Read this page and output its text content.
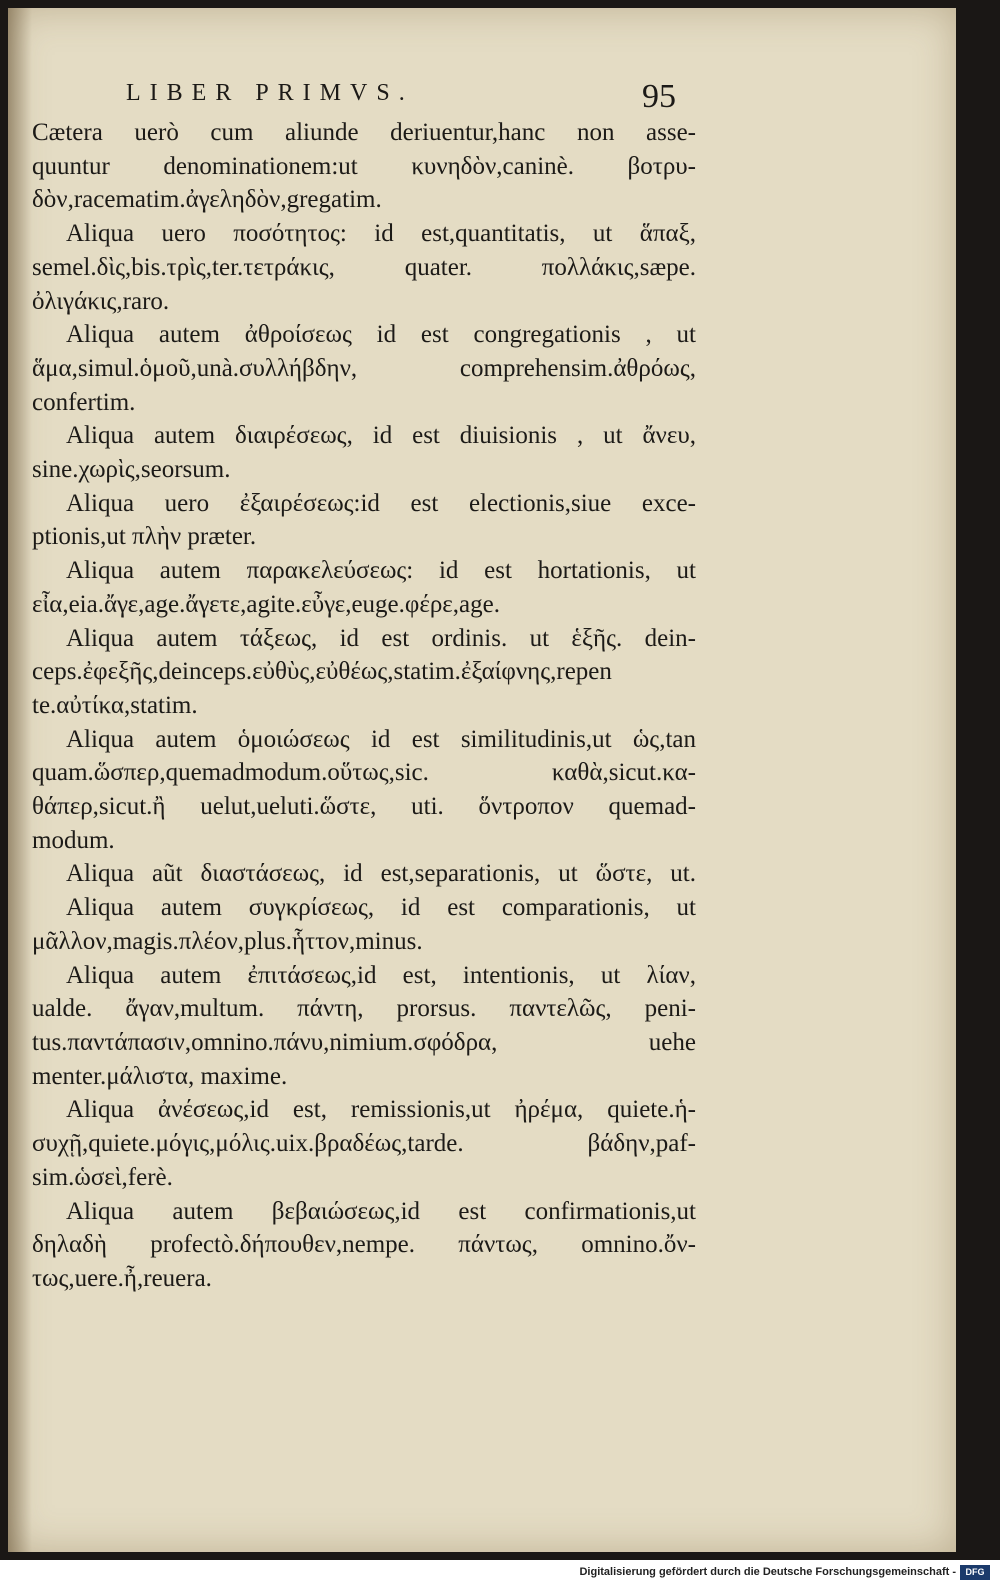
LIBER PRIMVS.	95
Cætera uerò cum aliunde deriuentur,hanc non asse-
quuntur denominationem:ut κυνηδὸν,caninè. βοτρυ-
δὸν,racematim.ἀγεληδὸν,gregatim.
Aliqua uero ποσότητος: id est,quantitatis, ut ἅπαξ,
semel.δὶς,bis.τρὶς,ter.τετράκις, quater. πολλάκις,sæpe.
ὀλιγάκις,raro.
Aliqua autem ἀθροίσεως id est congregationis , ut
ἅμα,simul.ὁμοῦ,unà.συλλήβδην, comprehensim.ἀθρόως,
confertim.
Aliqua autem διαιρέσεως, id est diuisionis , ut ἄνευ,
sine.χωρὶς,seorsum.
Aliqua uero ἐξαιρέσεως:id est electionis,siue exce-
ptionis,ut πλὴν præter.
Aliqua autem παρακελεύσεως: id est hortationis, ut
εἶα,eia.ἄγε,age.ἄγετε,agite.εὖγε,euge.φέρε,age.
Aliqua autem τάξεως, id est ordinis. ut ἑξῆς. dein-
ceps.ἐφεξῆς,deinceps.εὐθὺς,εὐθέως,statim.ἐξαίφνης,repen
te.αὐτίκα,statim.
Aliqua autem ὁμοιώσεως id est similitudinis,ut ὡς,tan
quam.ὥσπερ,quemadmodum.οὕτως,sic. καθὰ,sicut.κα-
θάπερ,sicut.ἢ uelut,ueluti.ὥστε, uti. ὅντροπον quemad-
modum.
Aliqua aũt διαστάσεως, id est,separationis, ut ὥστε, ut.
Aliqua autem συγκρίσεως, id est comparationis, ut
μᾶλλον,magis.πλέον,plus.ἧττον,minus.
Aliqua autem ἐπιτάσεως,id est, intentionis, ut λίαν,
ualde. ἄγαν,multum. πάντη, prorsus. παντελῶς, peni-
tus.παντάπασιν,omnino.πάνυ,nimium.σφόδρα, uehe
menter.μάλιστα, maxime.
Aliqua ἀνέσεως,id est, remissionis,ut ἠρέμα, quiete.ἡ-
συχῇ,quiete.μόγις,μόλις.uix.βραδέως,tarde. βάδην,paf-
sim.ὡσεὶ,ferè.
Aliqua autem βεβαιώσεως,id est confirmationis,ut
δηλαδὴ profectò.δήπουθεν,nempe. πάντως, omnino.ὄν-
τως,uere.ἦ,reuera.
Digitalisierung gefördert durch die Deutsche Forschungsgemeinschaft -	DFG
